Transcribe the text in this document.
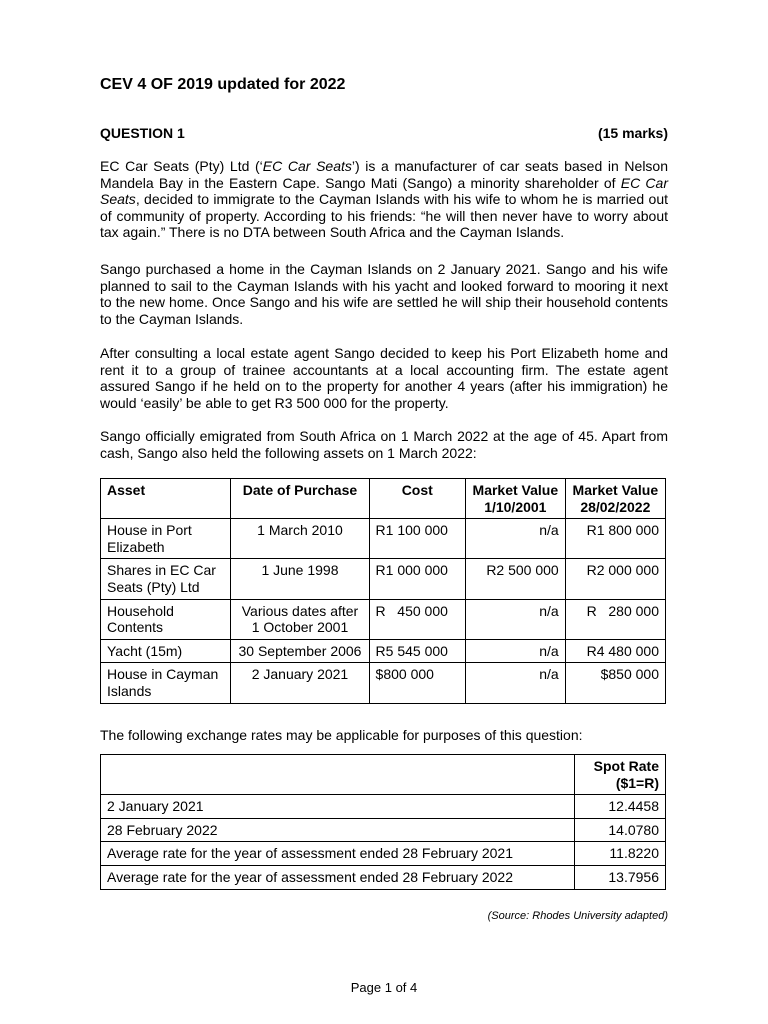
CEV 4 OF 2019 updated for 2022
QUESTION 1	(15 marks)

EC Car Seats (Pty) Ltd (‘EC Car Seats’) is a manufacturer of car seats based in Nelson Mandela Bay in the Eastern Cape. Sango Mati (Sango) a minority shareholder of EC Car Seats, decided to immigrate to the Cayman Islands with his wife to whom he is married out of community of property. According to his friends: “he will then never have to worry about tax again.” There is no DTA between South Africa and the Cayman Islands.

Sango purchased a home in the Cayman Islands on 2 January 2021. Sango and his wife planned to sail to the Cayman Islands with his yacht and looked forward to mooring it next to the new home. Once Sango and his wife are settled he will ship their household contents to the Cayman Islands.

After consulting a local estate agent Sango decided to keep his Port Elizabeth home and rent it to a group of trainee accountants at a local accounting firm. The estate agent assured Sango if he held on to the property for another 4 years (after his immigration) he would ‘easily’ be able to get R3 500 000 for the property.

Sango officially emigrated from South Africa on 1 March 2022 at the age of 45. Apart from cash, Sango also held the following assets on 1 March 2022:

Asset	Date of Purchase	Cost	Market Value 1/10/2001	Market Value 28/02/2022
House in Port Elizabeth	1 March 2010	R1 100 000	n/a	R1 800 000
Shares in EC Car Seats (Pty) Ltd	1 June 1998	R1 000 000	R2 500 000	R2 000 000
Household Contents	Various dates after 1 October 2001	R   450 000	n/a	R   280 000
Yacht (15m)	30 September 2006	R5 545 000	n/a	R4 480 000
House in Cayman Islands	2 January 2021	$800 000	n/a	$850 000
The following exchange rates may be applicable for purposes of this question:
	Spot Rate ($1=R)
2 January 2021	12.4458
28 February 2022	14.0780
Average rate for the year of assessment ended 28 February 2021	11.8220
Average rate for the year of assessment ended 28 February 2022	13.7956
(Source: Rhodes University adapted)
Page 1 of 4
